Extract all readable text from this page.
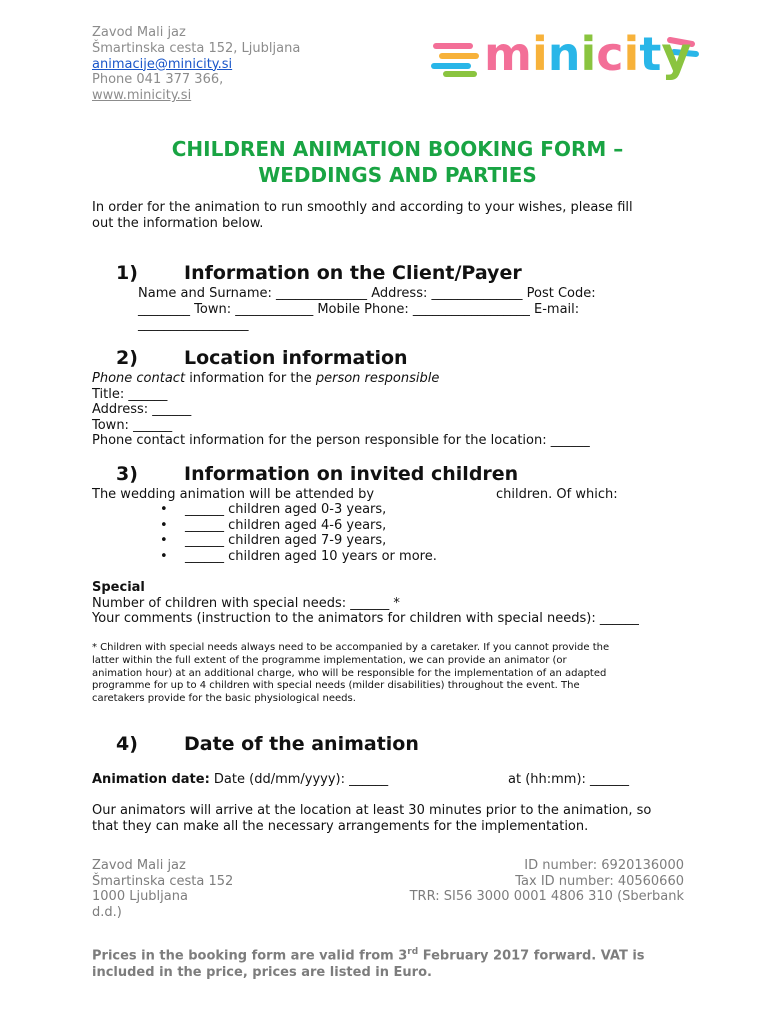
Zavod Mali jaz
Šmartinska cesta 152, Ljubljana
animacije@minicity.si
Phone 041 377 366,
www.minicity.si
minicity
CHILDREN ANIMATION BOOKING FORM –
WEDDINGS AND PARTIES
In order for the animation to run smoothly and according to your wishes, please fill
out the information below.
1) Information on the Client/Payer
Name and Surname: ______________ Address: ______________ Post Code:
________ Town: ____________ Mobile Phone: __________________ E-mail:
_________________
2) Location information
Phone contact information for the person responsible
Title: ______
Address: ______
Town: ______
Phone contact information for the person responsible for the location: ______
3) Information on invited children
The wedding animation will be attended by	children. Of which:
• ______ children aged 0-3 years,
• ______ children aged 4-6 years,
• ______ children aged 7-9 years,
• ______ children aged 10 years or more.
Special
Number of children with special needs: ______ *
Your comments (instruction to the animators for children with special needs): ______
* Children with special needs always need to be accompanied by a caretaker. If you cannot provide the
latter within the full extent of the programme implementation, we can provide an animator (or
animation hour) at an additional charge, who will be responsible for the implementation of an adapted
programme for up to 4 children with special needs (milder disabilities) throughout the event. The
caretakers provide for the basic physiological needs.
4) Date of the animation
Animation date: Date (dd/mm/yyyy): ______	at (hh:mm): ______
Our animators will arrive at the location at least 30 minutes prior to the animation, so
that they can make all the necessary arrangements for the implementation.
Zavod Mali jaz
Šmartinska cesta 152
1000 Ljubljana
d.d.)
ID number: 6920136000
Tax ID number: 40560660
TRR: SI56 3000 0001 4806 310 (Sberbank
Prices in the booking form are valid from 3rd February 2017 forward. VAT is
included in the price, prices are listed in Euro.
